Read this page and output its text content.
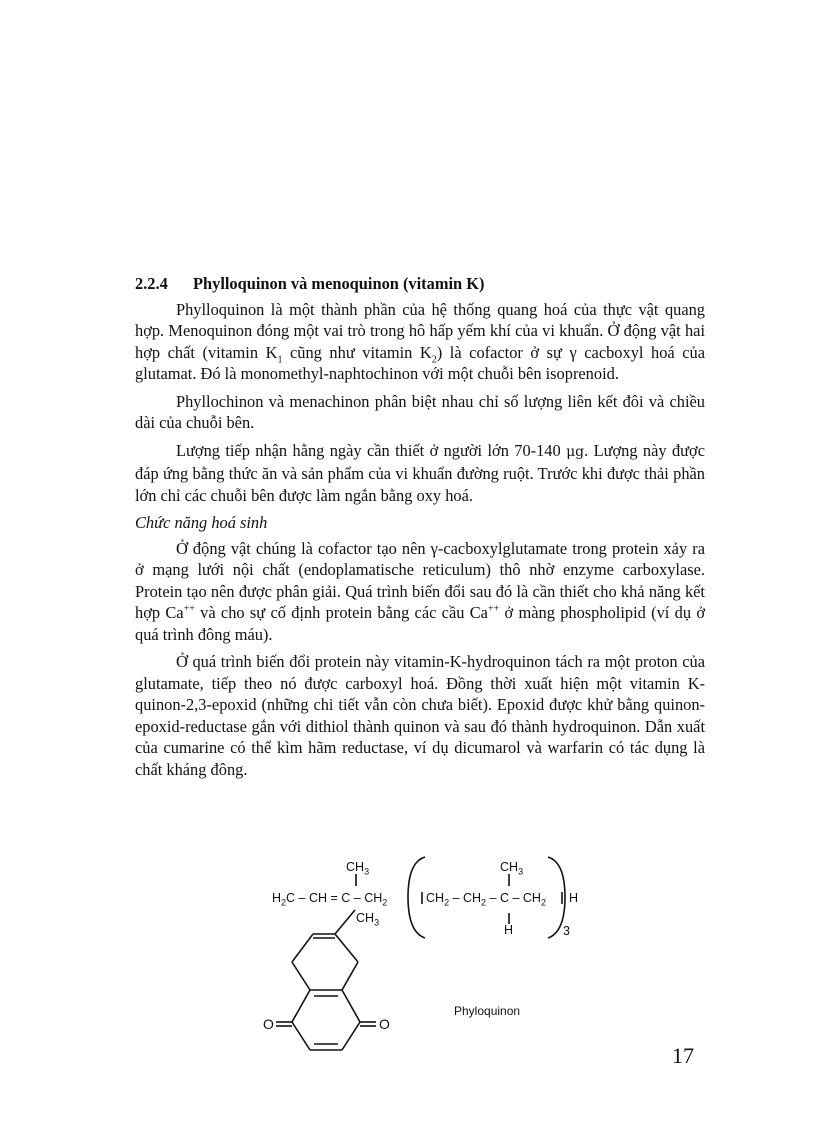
2.2.4 Phylloquinon và menoquinon (vitamin K)

Phylloquinon là một thành phần của hệ thống quang hoá của thực vật quang hợp. Menoquinon đóng một vai trò trong hô hấp yếm khí của vi khuẩn. Ở động vật hai hợp chất (vitamin $K_1$ cũng như vitamin $K_2$) là cofactor ở sự γ cacboxyl hoá của glutamat. Đó là monomethyl-naphtochinon với một chuỗi bên isoprenoid.

Phyllochinon và menachinon phân biệt nhau chỉ số lượng liên kết đôi và chiều dài của chuỗi bên.

Lượng tiếp nhận hằng ngày cần thiết ở người lớn 70-140 μg. Lượng này được đáp ứng bằng thức ăn và sản phẩm của vi khuẩn đường ruột. Trước khi được thải phần lớn chỉ các chuỗi bên được làm ngắn bằng oxy hoá.

Chức năng hoá sinh

Ở động vật chúng là cofactor tạo nên γ-cacboxylglutamate trong protein xảy ra ở mạng lưới nội chất (endoplamatische reticulum) thô nhờ enzyme carboxylase. Protein tạo nên được phân giải. Quá trình biến đổi sau đó là cần thiết cho khả năng kết hợp Ca++ và cho sự cố định protein bằng các cầu Ca++ ở màng phospholipid (ví dụ ở quá trình đông máu).

Ở quá trình biến đổi protein này vitamin-K-hydroquinon tách ra một proton của glutamate, tiếp theo nó được carboxyl hoá. Đồng thời xuất hiện một vitamin K-quinon-2,3-epoxid (những chi tiết vẫn còn chưa biết). Epoxid được khử bằng quinon-epoxid-reductase gắn với dithiol thành quinon và sau đó thành hydroquinon. Dẫn xuất của cumarine có thể kìm hãm reductase, ví dụ dicumarol và warfarin có tác dụng là chất kháng đông.

$CH_3$	$CH_3$
$H_2C$ – CH = C – $CH_2$	$CH_2 - CH_2$ – C – $CH_2$ H
$CH_3$
H	3
O	O
Phyloquinon
17
